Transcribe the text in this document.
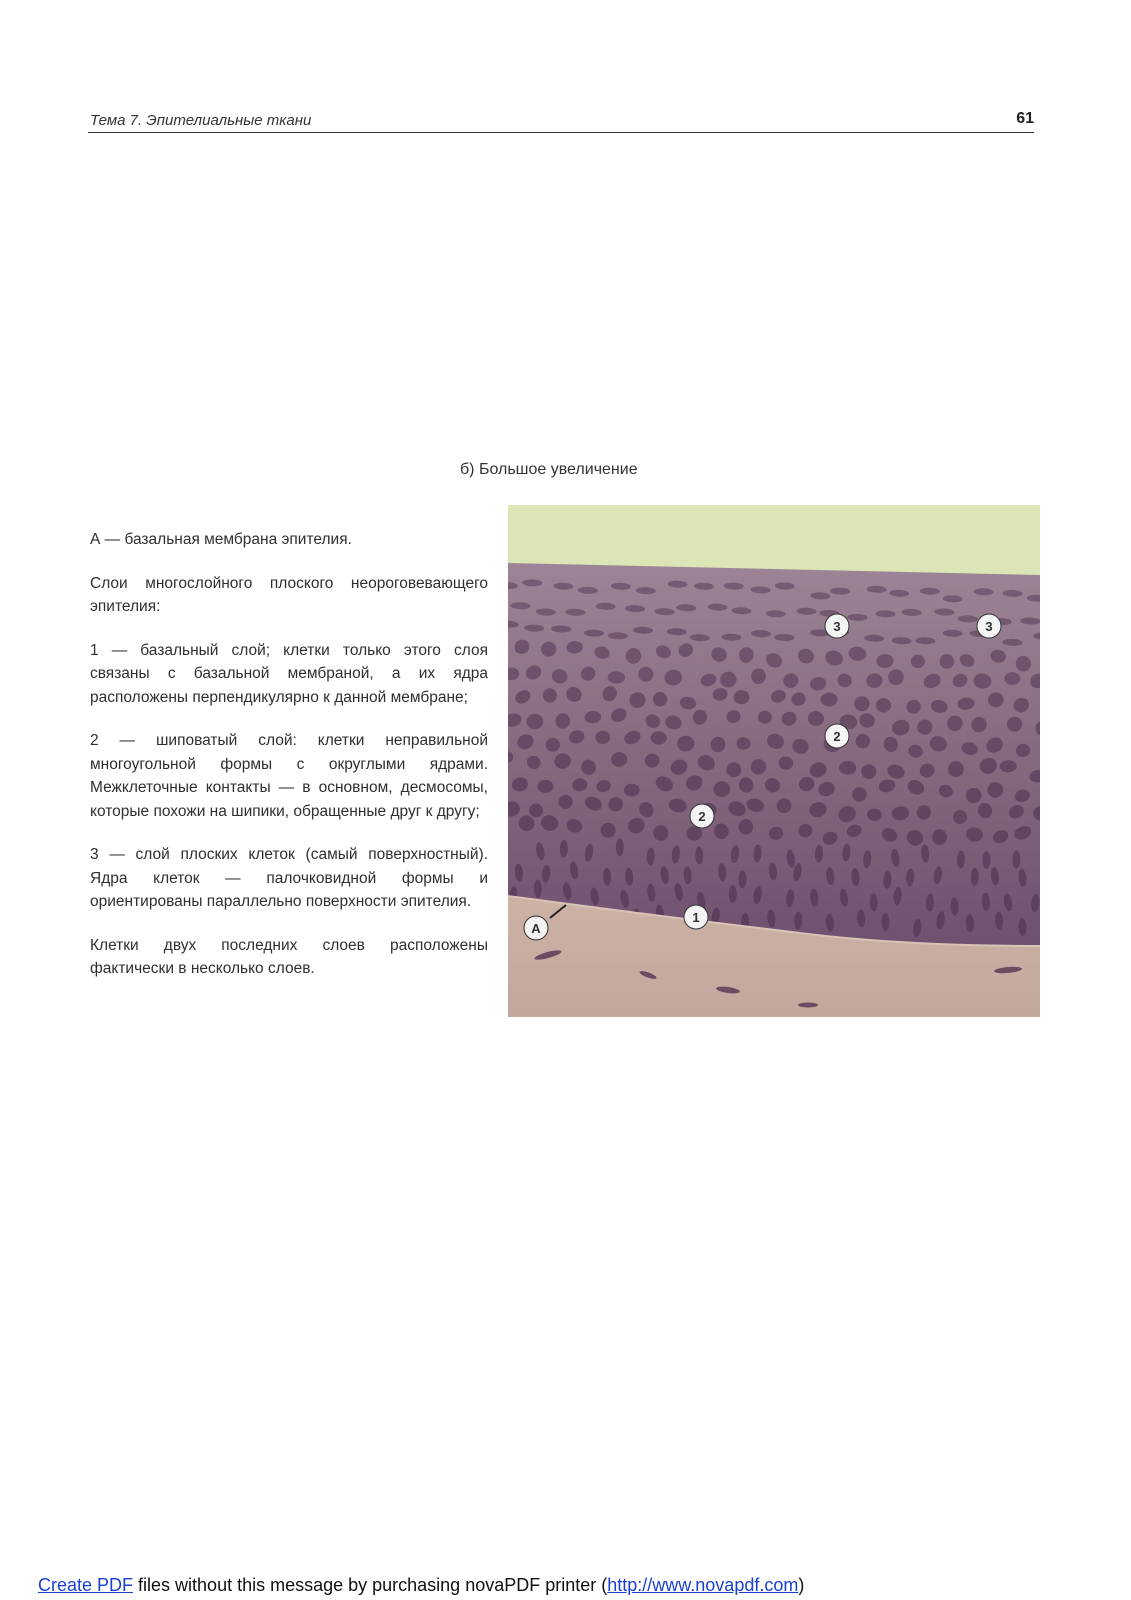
Тема 7. Эпителиальные ткани	61
б) Большое увеличение

А — базальная мембрана эпителия.

Слои многослойного плоского неороговевающего эпителия:

1 — базальный слой; клетки только этого слоя связаны с базальной мембраной, а их ядра расположены перпендикулярно к данной мембране;

2 — шиповатый слой: клетки неправильной многоугольной формы с округлыми ядрами. Межклеточные контакты — в основном, десмосомы, которые похожи на шипики, обращенные друг к другу;

3 — слой плоских клеток (самый поверхностный). Ядра клеток — палочковидной формы и ориентированы параллельно поверхности эпителия.

Клетки двух последних слоев расположены фактически в несколько слоев.

A
1
2
2
3	3
Create PDF files without this message by purchasing novaPDF printer (http://www.novapdf.com)
